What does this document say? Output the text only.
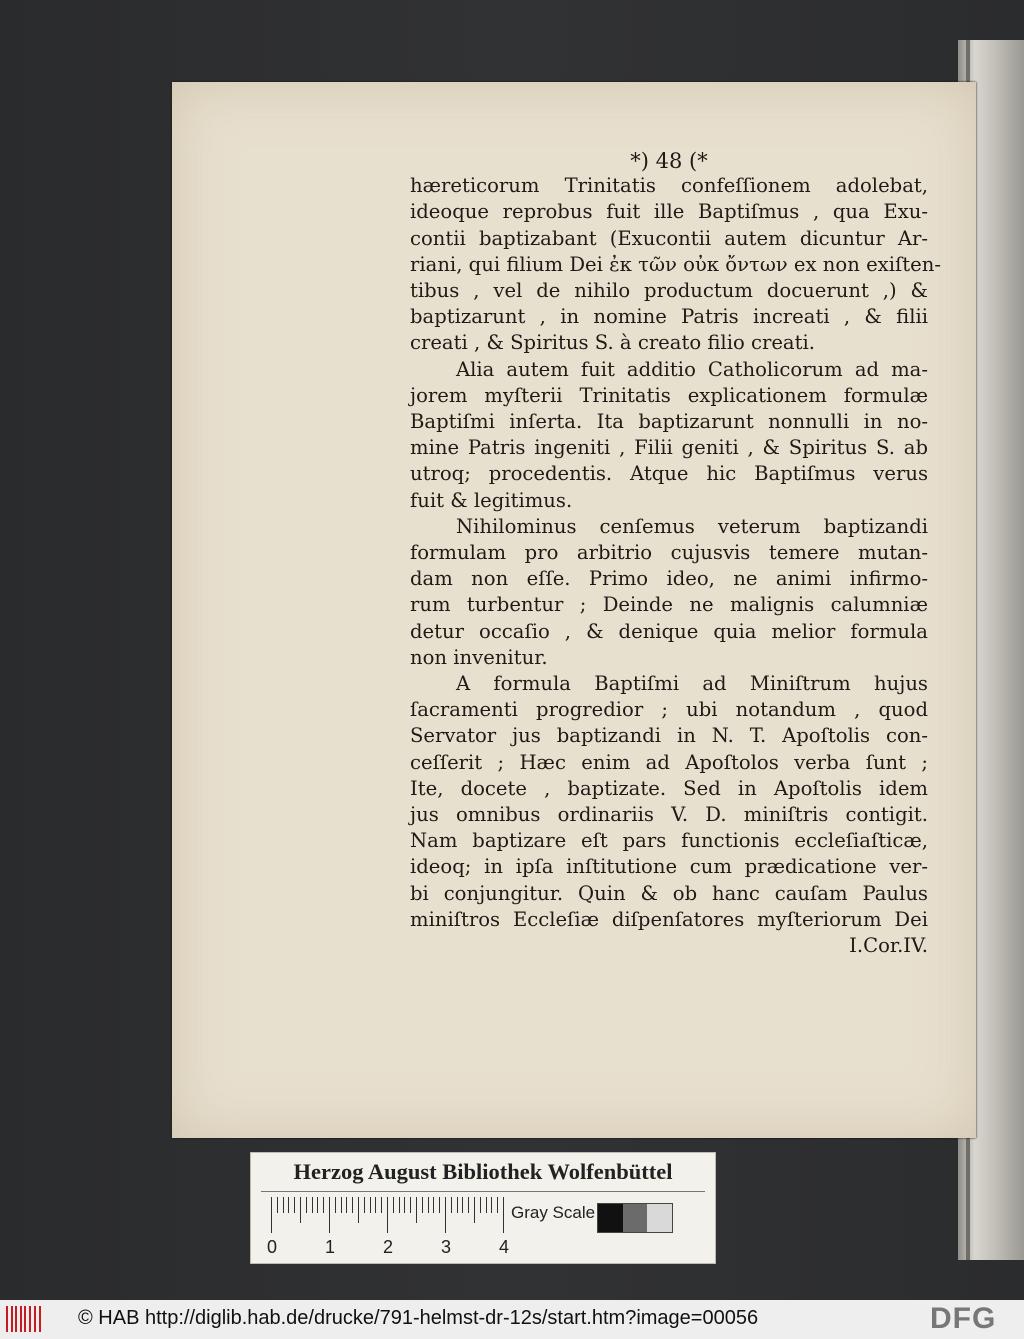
*) 48 (*
hæreticorum Trinitatis confeſſionem adolebat,
ideoque reprobus fuit ille Baptiſmus , qua Exu-
contii baptizabant (Exucontii autem dicuntur Ar-
riani, qui filium Dei ἐκ τῶν οὐκ ὄντων ex non exiſten-
tibus , vel de nihilo productum docuerunt ,) &
baptizarunt , in nomine Patris increati , & filii
creati , & Spiritus S. à creato filio creati.
Alia autem fuit additio Catholicorum ad ma-
jorem myſterii Trinitatis explicationem formulæ
Baptiſmi inſerta. Ita baptizarunt nonnulli in no-
mine Patris ingeniti , Filii geniti , & Spiritus S. ab
utroq; procedentis. Atque hic Baptiſmus verus
fuit & legitimus.
Nihilominus cenſemus veterum baptizandi
formulam pro arbitrio cujusvis temere mutan-
dam non eſſe. Primo ideo, ne animi infirmo-
rum turbentur ; Deinde ne malignis calumniæ
detur occaſio , & denique quia melior formula
non invenitur.
A formula Baptiſmi ad Miniſtrum hujus
ſacramenti progredior ; ubi notandum , quod
Servator jus baptizandi in N. T. Apoſtolis con-
ceſſerit ; Hæc enim ad Apoſtolos verba ſunt ;
Ite, docete , baptizate. Sed in Apoſtolis idem
jus omnibus ordinariis V. D. miniſtris contigit.
Nam baptizare eſt pars functionis eccleſiaſticæ,
ideoq; in ipſa inſtitutione cum prædicatione ver-
bi conjungitur. Quin & ob hanc cauſam Paulus
miniſtros Eccleſiæ diſpenſatores myſteriorum Dei
I.Cor.IV.
Herzog August Bibliothek Wolfenbüttel
0	1	2	3	4
Gray Scale
© HAB http://diglib.hab.de/drucke/791-helmst-dr-12s/start.htm?image=00056	DFG
